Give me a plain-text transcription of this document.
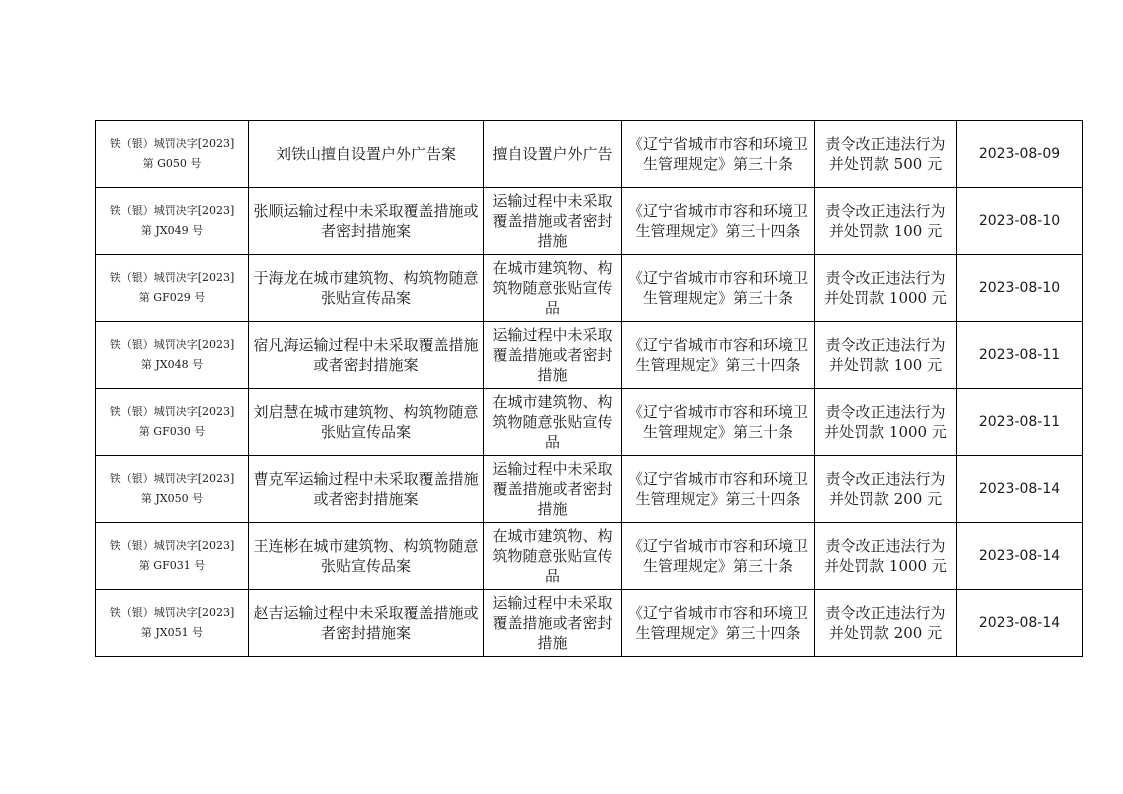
铁（银）城罚决字[2023]
第 G050 号	刘铁山擅自设置户外广告案	擅自设置户外广告	《辽宁省城市市容和环境卫生管理规定》第三十条	责令改正违法行为并处罚款 500 元	2023-08-09

铁（银）城罚决字[2023]
第 JX049 号	张顺运输过程中未采取覆盖措施或者密封措施案	运输过程中未采取覆盖措施或者密封措施	《辽宁省城市市容和环境卫生管理规定》第三十四条	责令改正违法行为并处罚款 100 元	2023-08-10

铁（银）城罚决字[2023]
第 GF029 号	于海龙在城市建筑物、构筑物随意张贴宣传品案	在城市建筑物、构筑物随意张贴宣传品	《辽宁省城市市容和环境卫生管理规定》第三十条	责令改正违法行为并处罚款 1000 元	2023-08-10

铁（银）城罚决字[2023]
第 JX048 号	宿凡海运输过程中未采取覆盖措施或者密封措施案	运输过程中未采取覆盖措施或者密封措施	《辽宁省城市市容和环境卫生管理规定》第三十四条	责令改正违法行为并处罚款 100 元	2023-08-11

铁（银）城罚决字[2023]
第 GF030 号	刘启慧在城市建筑物、构筑物随意张贴宣传品案	在城市建筑物、构筑物随意张贴宣传品	《辽宁省城市市容和环境卫生管理规定》第三十条	责令改正违法行为并处罚款 1000 元	2023-08-11

铁（银）城罚决字[2023]
第 JX050 号	曹克军运输过程中未采取覆盖措施或者密封措施案	运输过程中未采取覆盖措施或者密封措施	《辽宁省城市市容和环境卫生管理规定》第三十四条	责令改正违法行为并处罚款 200 元	2023-08-14

铁（银）城罚决字[2023]
第 GF031 号	王连彬在城市建筑物、构筑物随意张贴宣传品案	在城市建筑物、构筑物随意张贴宣传品	《辽宁省城市市容和环境卫生管理规定》第三十条	责令改正违法行为并处罚款 1000 元	2023-08-14

铁（银）城罚决字[2023]
第 JX051 号	赵吉运输过程中未采取覆盖措施或者密封措施案	运输过程中未采取覆盖措施或者密封措施	《辽宁省城市市容和环境卫生管理规定》第三十四条	责令改正违法行为并处罚款 200 元	2023-08-14
